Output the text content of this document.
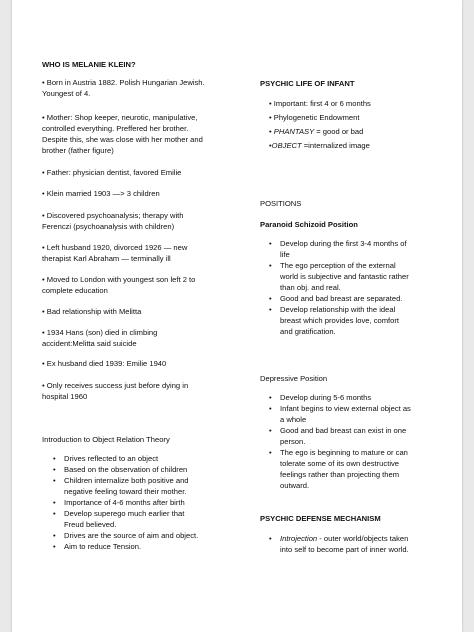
WHO IS MELANIE KLEIN?
• Born in Austria 1882. Polish Hungarian Jewish.
Youngest of 4.
• Mother: Shop keeper, neurotic, manipulative,
controlled everything. Preffered her brother.
Despite this, she was close with her mother and
brother (father figure)
• Father: physician dentist, favored Emilie
• Klein married 1903 —> 3 children
• Discovered psychoanalysis; therapy with
Ferenczi (psychoanalysis with children)
• Left husband 1920, divorced 1926 — new
therapist Karl Abraham — terminally ill
• Moved to London with youngest son left 2 to
complete education
• Bad relationship with Melitta
• 1934 Hans (son) died in climbing
accident:Melitta said suicide
• Ex husband died 1939: Emilie 1940
• Only receives success just before dying in
hospital 1960
Introduction to Object Relation Theory
• Drives reflected to an object
• Based on the observation of children
• Children internalize both positive and
negative feeling toward their mother.
• Importance of 4-6 months after birth
• Develop superego much earlier that
Freud believed.
• Drives are the source of aim and object.
• Aim to reduce Tension.
PSYCHIC LIFE OF INFANT
• Important: first 4 or 6 months
• Phylogenetic Endowment
• PHANTASY = good or bad
•OBJECT =internalized image
POSITIONS
Paranoid Schizoid Position
• Develop during the first 3-4 months of
life
• The ego perception of the external
world is subjective and fantastic rather
than obj. and real.
• Good and bad breast are separated.
• Develop relationship with the ideal
breast which provides love, comfort
and gratification.
Depressive Position
• Develop during 5-6 months
• Infant begins to view external object as
a whole
• Good and bad breast can exist in one
person.
• The ego is beginning to mature or can
tolerate some of its own destructive
feelings rather than projecting them
outward.
PSYCHIC DEFENSE MECHANISM
• Introjection - outer world/objects taken
into self to become part of inner world.
